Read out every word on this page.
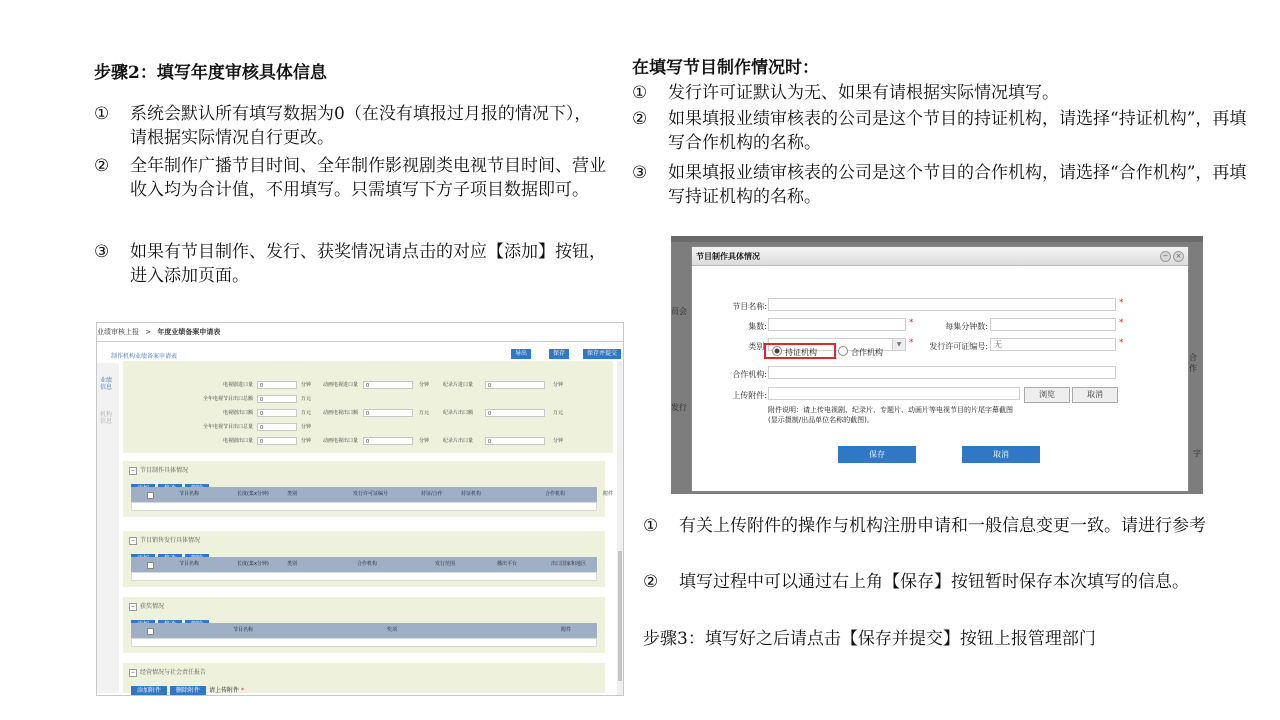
步骤2：填写年度审核具体信息
①	系统会默认所有填写数据为0（在没有填报过月报的情况下），请根据实际情况自行更改。
②	全年制作广播节目时间、全年制作影视剧类电视节目时间、营业收入均为合计值，不用填写。只需填写下方子项目数据即可。
③	如果有节目制作、发行、获奖情况请点击的对应【添加】按钮，进入添加页面。
在填写节目制作情况时：
①	发行许可证默认为无、如果有请根据实际情况填写。
②	如果填报业绩审核表的公司是这个节目的持证机构，请选择“持证机构”，再填写合作机构的名称。
③	如果填报业绩审核表的公司是这个节目的合作机构，请选择“合作机构”，再填写持证机构的名称。
①	有关上传附件的操作与机构注册申请和一般信息变更一致。请进行参考
②	填写过程中可以通过右上角【保存】按钮暂时保存本次填写的信息。
步骤3：填写好之后请点击【保存并提交】按钮上报管理部门
业绩审核上报 > 年度业绩备案申请表
制作机构业绩备案申请表	导出	保存	保存并提交
业绩信息
机构信息
电视剧进口量	0	分钟 动画电视进口量	0	分钟	纪录片进口量	0	分钟
全年电视节目出口总额	0	万元
电视剧出口额	0	万元 动画电视出口额	0	万元	纪录片出口额	0	万元
全年电视节目出口总量	0	分钟
电视剧出口量	0	分钟 动画电视出口量	0	分钟	纪录片出口量	0	分钟
− 节目制作具体情况
节目名称	长度(集x分钟)	类别	发行许可证编号	持证/合作	持证机构	合作机构	附件
− 节目销售发行具体情况
节目名称	长度(集x分钟)	类别	合作机构	发行范围	播出平台	出口国家和地区
− 获奖情况
节目名称	奖项	附件
− 经营情况与社会责任报告
添加附件	删除附件 请上传附件 *
员会
发行
合作
字
节目制作具体情况	−	×
节目名称:	*
集数:	*	每集分钟数:	*
类别:	▼ *	发行许可证编号: 无	*
持证机构	合作机构
合作机构:
上传附件:	浏览	取消
附件说明：请上传电视剧、纪录片、专题片、动画片等电视节目的片尾字幕截图
(显示摄制/出品单位名称的截图)。
保存	取消
